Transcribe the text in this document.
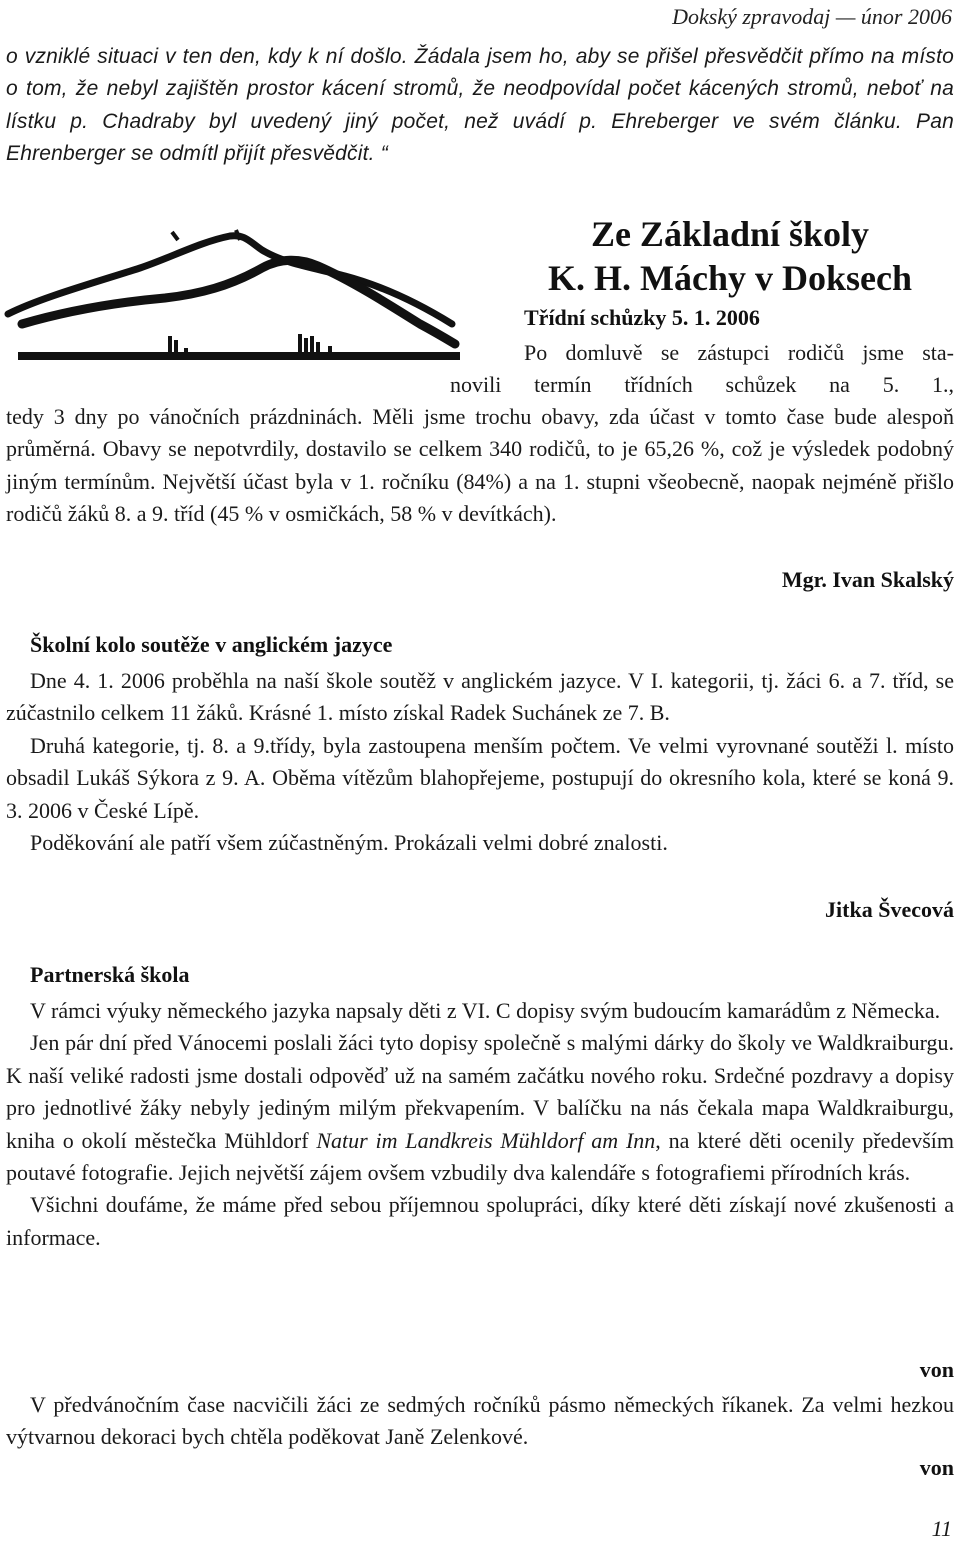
Dokský zpravodaj — únor 2006

o vzniklé situaci v ten den, kdy k ní došlo. Žádala jsem ho, aby se přišel přesvědčit přímo na místo o tom, že nebyl zajištěn prostor kácení stromů, že neodpovídal počet kácených stromů, neboť na lístku p. Chadraby byl uvedený jiný počet, než uvádí p. Ehreberger ve svém článku. Pan Ehrenberger se odmítl přijít přesvědčit. “

Ze Základní školy
K. H. Máchy v Doksech
Třídní schůzky 5. 1. 2006
Po domluvě se zástupci rodičů jsme sta-
novili termín třídních schůzek na 5. 1.,
tedy 3 dny po vánočních prázdninách. Měli jsme trochu obavy, zda účast v tomto čase bude alespoň průměrná. Obavy se nepotvrdily, dostavilo se celkem 340 rodičů, to je 65,26 %, což je výsledek podobný jiným termínům. Největší účast byla v 1. ročníku (84%) a na 1. stupni všeobecně, naopak nejméně přišlo rodičů žáků 8. a 9. tříd (45 % v osmičkách, 58 % v devítkách).
Mgr. Ivan Skalský
Školní kolo soutěže v anglickém jazyce

Dne 4. 1. 2006 proběhla na naší škole soutěž v anglickém jazyce. V I. kategorii, tj. žáci 6. a 7. tříd, se zúčastnilo celkem 11 žáků. Krásné 1. místo získal Radek Suchánek ze 7. B.

Druhá kategorie, tj. 8. a 9.třídy, byla zastoupena menším počtem. Ve velmi vyrovnané soutěži l. místo obsadil Lukáš Sýkora z 9. A. Oběma vítězům blahopřejeme, postupují do okresního kola, které se koná 9. 3. 2006 v České Lípě.

Poděkování ale patří všem zúčastněným. Prokázali velmi dobré znalosti.

Jitka Švecová
Partnerská škola

V rámci výuky německého jazyka napsaly děti z VI. C dopisy svým budoucím kamarádům z Německa.

Jen pár dní před Vánocemi poslali žáci tyto dopisy společně s malými dárky do školy ve Waldkraiburgu. K naší veliké radosti jsme dostali odpověď už na samém začátku nového roku. Srdečné pozdravy a dopisy pro jednotlivé žáky nebyly jediným milým překvapením. V balíčku na nás čekala mapa Waldkraiburgu, kniha o okolí městečka Mühldorf Natur im Landkreis Mühldorf am Inn, na které děti ocenily především poutavé fotografie. Jejich největší zájem ovšem vzbudily dva kalendáře s fotografiemi přírodních krás.

Všichni doufáme, že máme před sebou příjemnou spolupráci, díky které děti získají nové zkušenosti a informace.

von
V předvánočním čase nacvičili žáci ze sedmých ročníků pásmo německých říkanek. Za velmi hezkou výtvarnou dekoraci bych chtěla poděkovat Janě Zelenkové.
von
11
